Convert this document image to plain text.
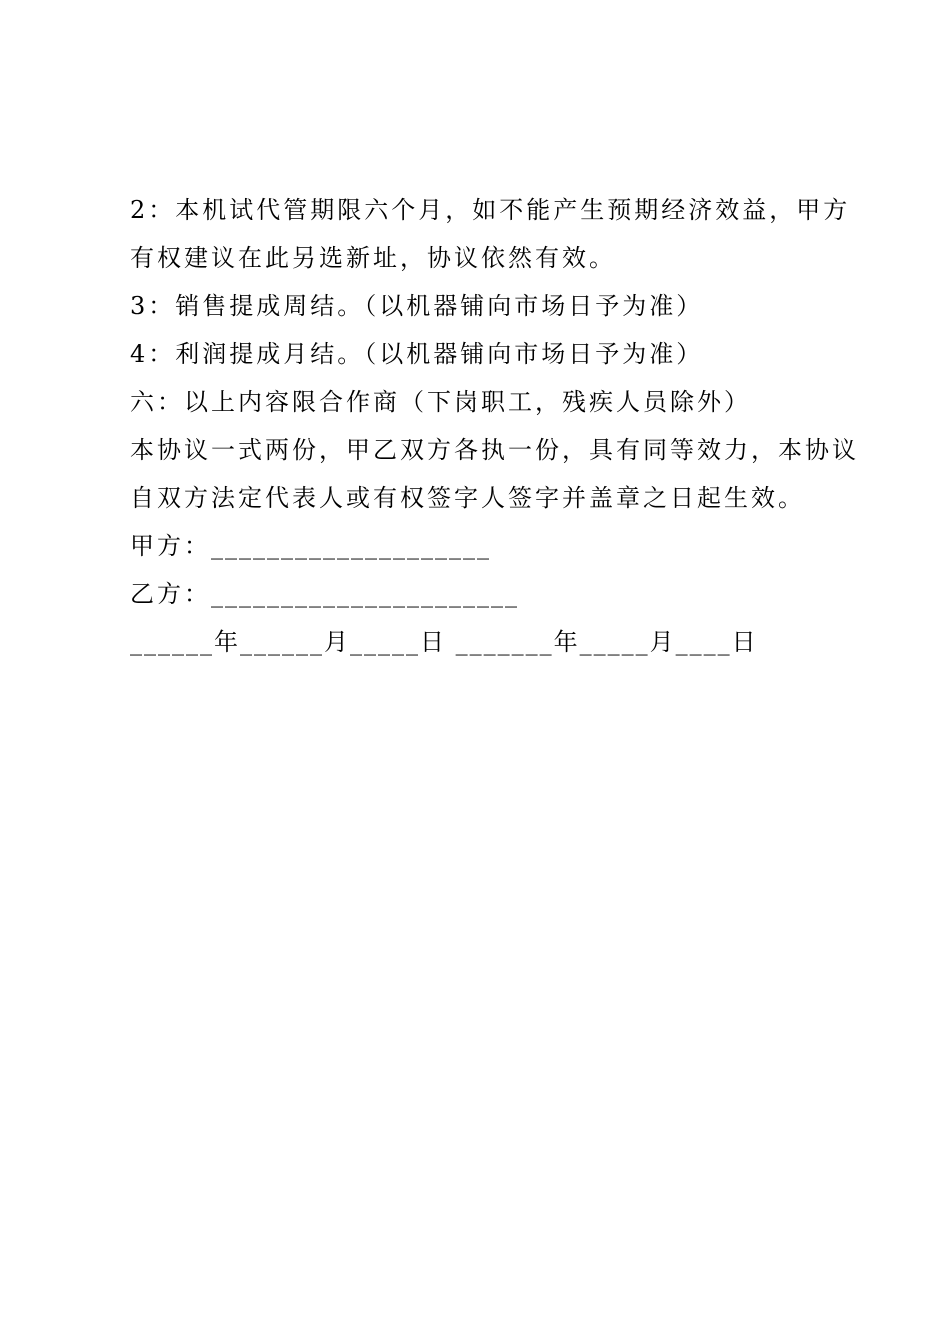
2：本机试代管期限六个月，如不能产生预期经济效益，甲方
有权建议在此另选新址，协议依然有效。
3：销售提成周结。（以机器铺向市场日予为准）
4：利润提成月结。（以机器铺向市场日予为准）
六：以上内容限合作商（下岗职工，残疾人员除外）
本协议一式两份，甲乙双方各执一份，具有同等效力，本协议
自双方法定代表人或有权签字人签字并盖章之日起生效。
甲方：____________________
乙方：______________________
______年______月_____日 _______年_____月____日
